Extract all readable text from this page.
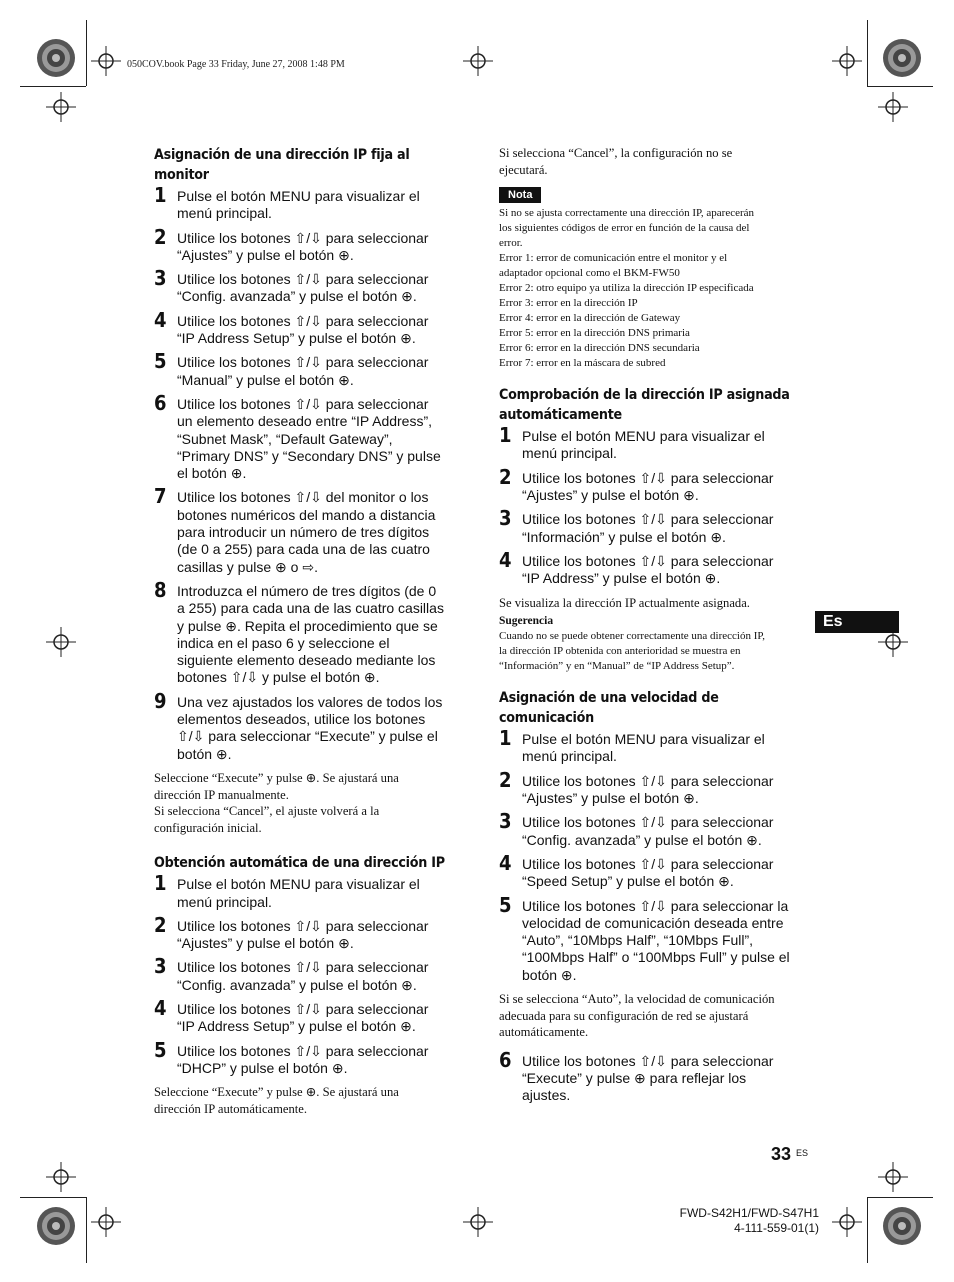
050COV.book Page 33 Friday, June 27, 2008 1:48 PM
Asignación de una dirección IP fija al
monitor
1 Pulse el botón MENU para visualizar el
menú principal.
2 Utilice los botones ⇧/⇩ para seleccionar
“Ajustes” y pulse el botón ⊕.
3 Utilice los botones ⇧/⇩ para seleccionar
“Config. avanzada” y pulse el botón ⊕.
4 Utilice los botones ⇧/⇩ para seleccionar
“IP Address Setup” y pulse el botón ⊕.
5 Utilice los botones ⇧/⇩ para seleccionar
“Manual” y pulse el botón ⊕.
6 Utilice los botones ⇧/⇩ para seleccionar
un elemento deseado entre “IP Address”,
“Subnet Mask”, “Default Gateway”,
“Primary DNS” y “Secondary DNS” y pulse
el botón ⊕.
7 Utilice los botones ⇧/⇩ del monitor o los
botones numéricos del mando a distancia
para introducir un número de tres dígitos
(de 0 a 255) para cada una de las cuatro
casillas y pulse ⊕ o ⇨.
8 Introduzca el número de tres dígitos (de 0
a 255) para cada una de las cuatro casillas
y pulse ⊕. Repita el procedimiento que se
indica en el paso 6 y seleccione el
siguiente elemento deseado mediante los
botones ⇧/⇩ y pulse el botón ⊕.
9 Una vez ajustados los valores de todos los
elementos deseados, utilice los botones
⇧/⇩ para seleccionar “Execute” y pulse el
botón ⊕.
Seleccione “Execute” y pulse ⊕. Se ajustará una
dirección IP manualmente.
Si selecciona “Cancel”, el ajuste volverá a la
configuración inicial.
Obtención automática de una dirección IP
1 Pulse el botón MENU para visualizar el
menú principal.
2 Utilice los botones ⇧/⇩ para seleccionar
“Ajustes” y pulse el botón ⊕.
3 Utilice los botones ⇧/⇩ para seleccionar
“Config. avanzada” y pulse el botón ⊕.
4 Utilice los botones ⇧/⇩ para seleccionar
“IP Address Setup” y pulse el botón ⊕.
5 Utilice los botones ⇧/⇩ para seleccionar
“DHCP” y pulse el botón ⊕.
Seleccione “Execute” y pulse ⊕. Se ajustará una
dirección IP automáticamente.
Si selecciona “Cancel”, la configuración no se
ejecutará.
Nota
Si no se ajusta correctamente una dirección IP, aparecerán
los siguientes códigos de error en función de la causa del
error.
Error 1: error de comunicación entre el monitor y el
adaptador opcional como el BKM-FW50
Error 2: otro equipo ya utiliza la dirección IP especificada
Error 3: error en la dirección IP
Error 4: error en la dirección de Gateway
Error 5: error en la dirección DNS primaria
Error 6: error en la dirección DNS secundaria
Error 7: error en la máscara de subred
Comprobación de la dirección IP asignada
automáticamente
1 Pulse el botón MENU para visualizar el
menú principal.
2 Utilice los botones ⇧/⇩ para seleccionar
“Ajustes” y pulse el botón ⊕.
3 Utilice los botones ⇧/⇩ para seleccionar
“Información” y pulse el botón ⊕.
4 Utilice los botones ⇧/⇩ para seleccionar
“IP Address” y pulse el botón ⊕.
Se visualiza la dirección IP actualmente asignada.
Sugerencia
Cuando no se puede obtener correctamente una dirección IP,
la dirección IP obtenida con anterioridad se muestra en
“Información” y en “Manual” de “IP Address Setup”.
Asignación de una velocidad de
comunicación
1 Pulse el botón MENU para visualizar el
menú principal.
2 Utilice los botones ⇧/⇩ para seleccionar
“Ajustes” y pulse el botón ⊕.
3 Utilice los botones ⇧/⇩ para seleccionar
“Config. avanzada” y pulse el botón ⊕.
4 Utilice los botones ⇧/⇩ para seleccionar
“Speed Setup” y pulse el botón ⊕.
5 Utilice los botones ⇧/⇩ para seleccionar la
velocidad de comunicación deseada entre
“Auto”, “10Mbps Half”, “10Mbps Full”,
“100Mbps Half” o “100Mbps Full” y pulse el
botón ⊕.
Si se selecciona “Auto”, la velocidad de comunicación
adecuada para su configuración de red se ajustará
automáticamente.
6 Utilice los botones ⇧/⇩ para seleccionar
“Execute” y pulse ⊕ para reflejar los
ajustes.
Es
33 ES
FWD-S42H1/FWD-S47H1
4-111-559-01(1)
